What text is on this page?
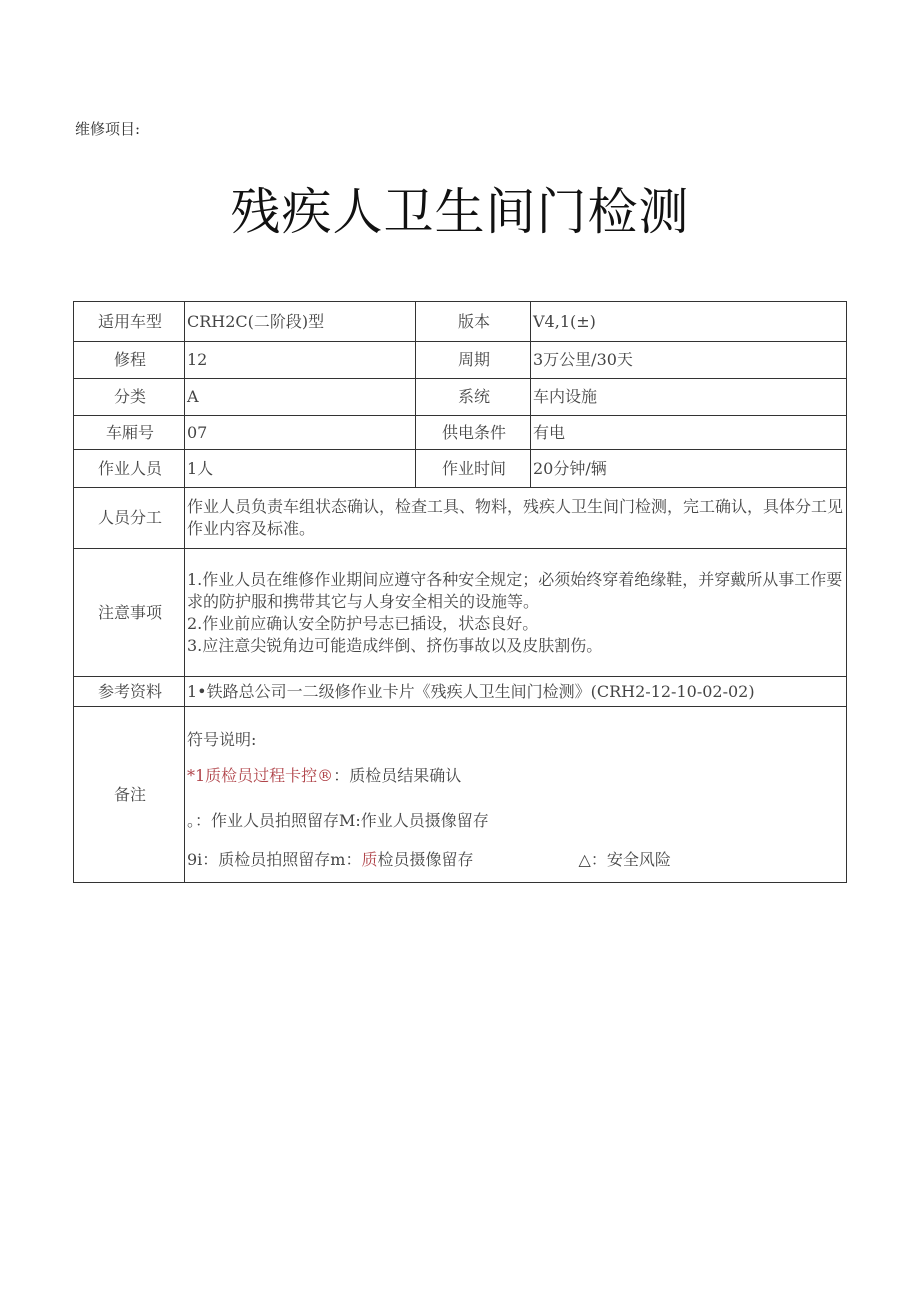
维修项目:
残疾人卫生间门检测
适用车型	CRH2C(二阶段)型	版本	V4,1(±)
修程	12	周期	3万公里/30天
分类	A	系统	车内设施
车厢号	07	供电条件	有电
作业人员	1人	作业时间	20分钟/辆
人员分工	作业人员负责车组状态确认，检查工具、物料，残疾人卫生间门检测，完工确认，具体分工见作业内容及标准。		
注意事项	1.作业人员在维修作业期间应遵守各种安全规定；必须始终穿着绝缘鞋，并穿戴所从事工作要求的防护服和携带其它与人身安全相关的设施等。
2.作业前应确认安全防护号志已插设，状态良好。
3.应注意尖锐角边可能造成绊倒、挤伤事故以及皮肤割伤。		

参考资料	1•铁路总公司一二级修作业卡片《残疾人卫生间门检测》(CRH2-12-10-02-02)		
备注	符号说明:
*1质检员过程卡控®：质检员结果确认
。：作业人员拍照留存M:作业人员摄像留存
9i：质检员拍照留存m：质检员摄像留存 △：安全风险		
